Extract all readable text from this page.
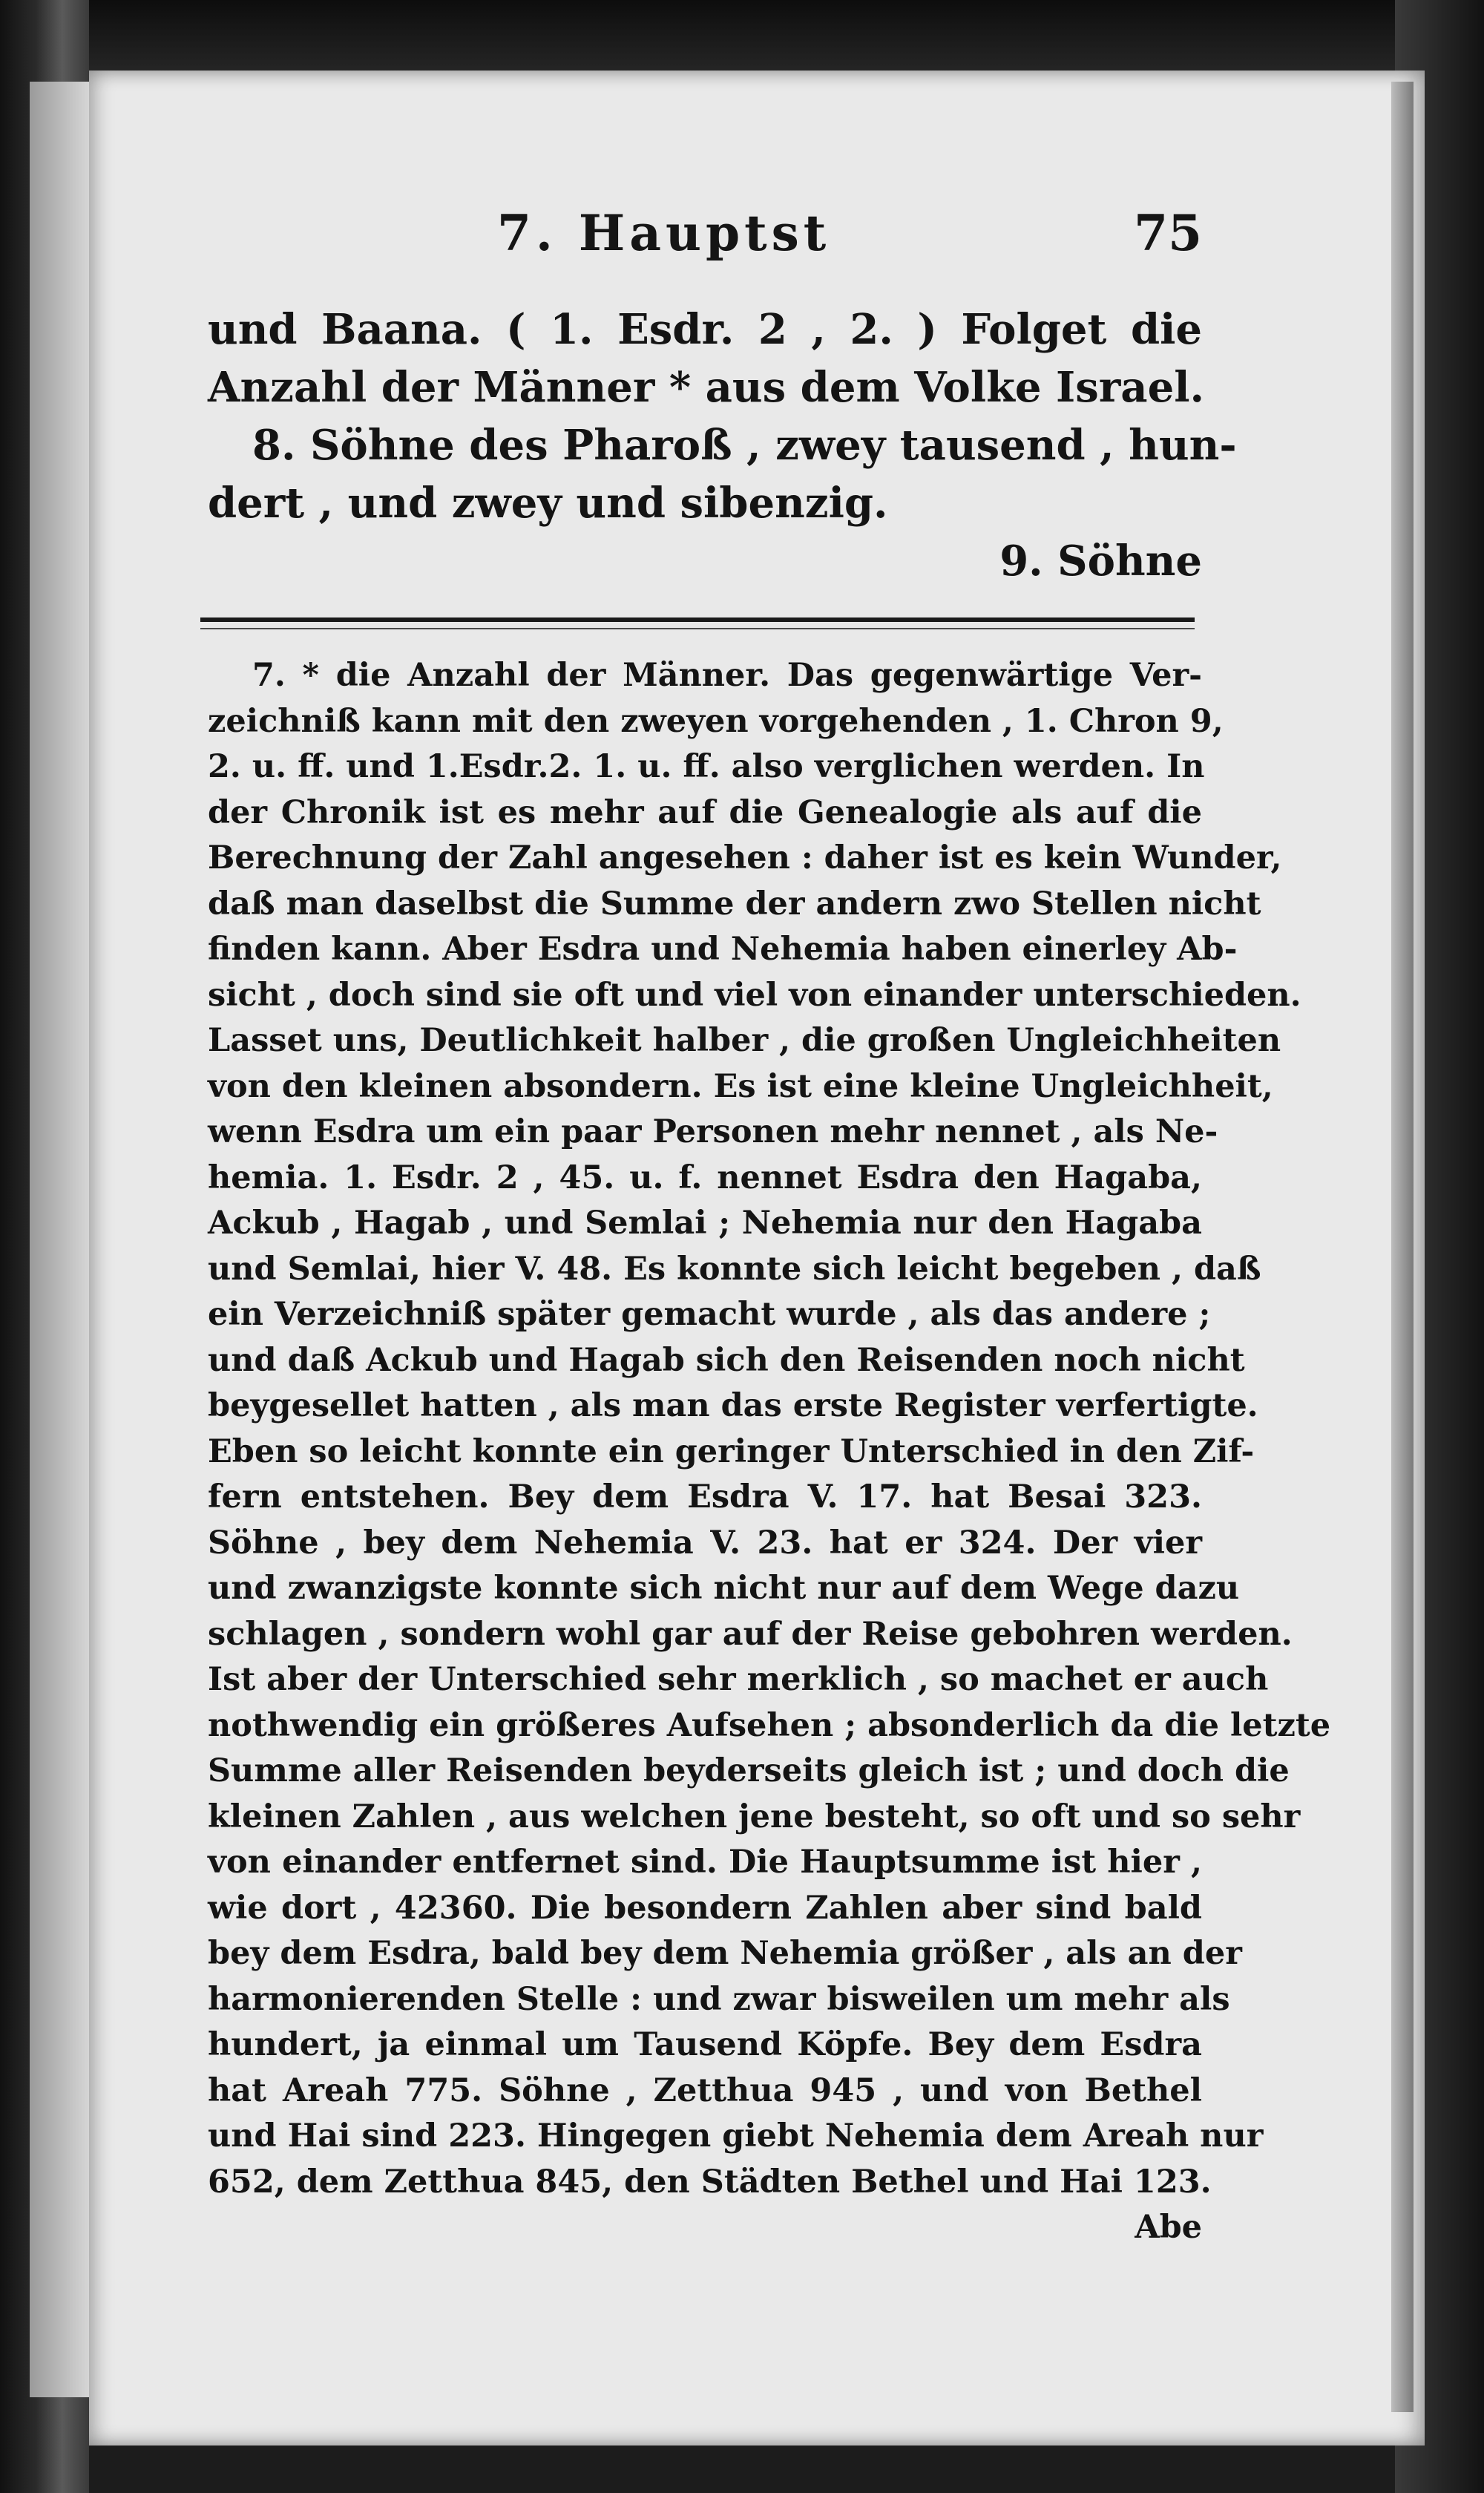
7. Hauptst	75
und Baana. ( 1. Esdr. 2 , 2. ) Folget die
Anzahl der Männer * aus dem Volke Israel.
8. Söhne des Pharoß , zwey tausend , hun-
dert , und zwey und sibenzig.
9. Söhne
7. * die Anzahl der Männer. Das gegenwärtige Ver-
zeichniß kann mit den zweyen vorgehenden , 1. Chron 9,
2. u. ff. und 1.Esdr.2. 1. u. ff. also verglichen werden. In
der Chronik ist es mehr auf die Genealogie als auf die
Berechnung der Zahl angesehen : daher ist es kein Wunder,
daß man daselbst die Summe der andern zwo Stellen nicht
finden kann. Aber Esdra und Nehemia haben einerley Ab-
sicht , doch sind sie oft und viel von einander unterschieden.
Lasset uns, Deutlichkeit halber , die großen Ungleichheiten
von den kleinen absondern. Es ist eine kleine Ungleichheit,
wenn Esdra um ein paar Personen mehr nennet , als Ne-
hemia. 1. Esdr. 2 , 45. u. f. nennet Esdra den Hagaba,
Ackub , Hagab , und Semlai ; Nehemia nur den Hagaba
und Semlai, hier V. 48. Es konnte sich leicht begeben , daß
ein Verzeichniß später gemacht wurde , als das andere ;
und daß Ackub und Hagab sich den Reisenden noch nicht
beygesellet hatten , als man das erste Register verfertigte.
Eben so leicht konnte ein geringer Unterschied in den Zif-
fern entstehen. Bey dem Esdra V. 17. hat Besai 323.
Söhne , bey dem Nehemia V. 23. hat er 324. Der vier
und zwanzigste konnte sich nicht nur auf dem Wege dazu
schlagen , sondern wohl gar auf der Reise gebohren werden.
Ist aber der Unterschied sehr merklich , so machet er auch
nothwendig ein größeres Aufsehen ; absonderlich da die letzte
Summe aller Reisenden beyderseits gleich ist ; und doch die
kleinen Zahlen , aus welchen jene besteht, so oft und so sehr
von einander entfernet sind. Die Hauptsumme ist hier ,
wie dort , 42360. Die besondern Zahlen aber sind bald
bey dem Esdra, bald bey dem Nehemia größer , als an der
harmonierenden Stelle : und zwar bisweilen um mehr als
hundert, ja einmal um Tausend Köpfe. Bey dem Esdra
hat Areah 775. Söhne , Zetthua 945 , und von Bethel
und Hai sind 223. Hingegen giebt Nehemia dem Areah nur
652, dem Zetthua 845, den Städten Bethel und Hai 123.
Abe
